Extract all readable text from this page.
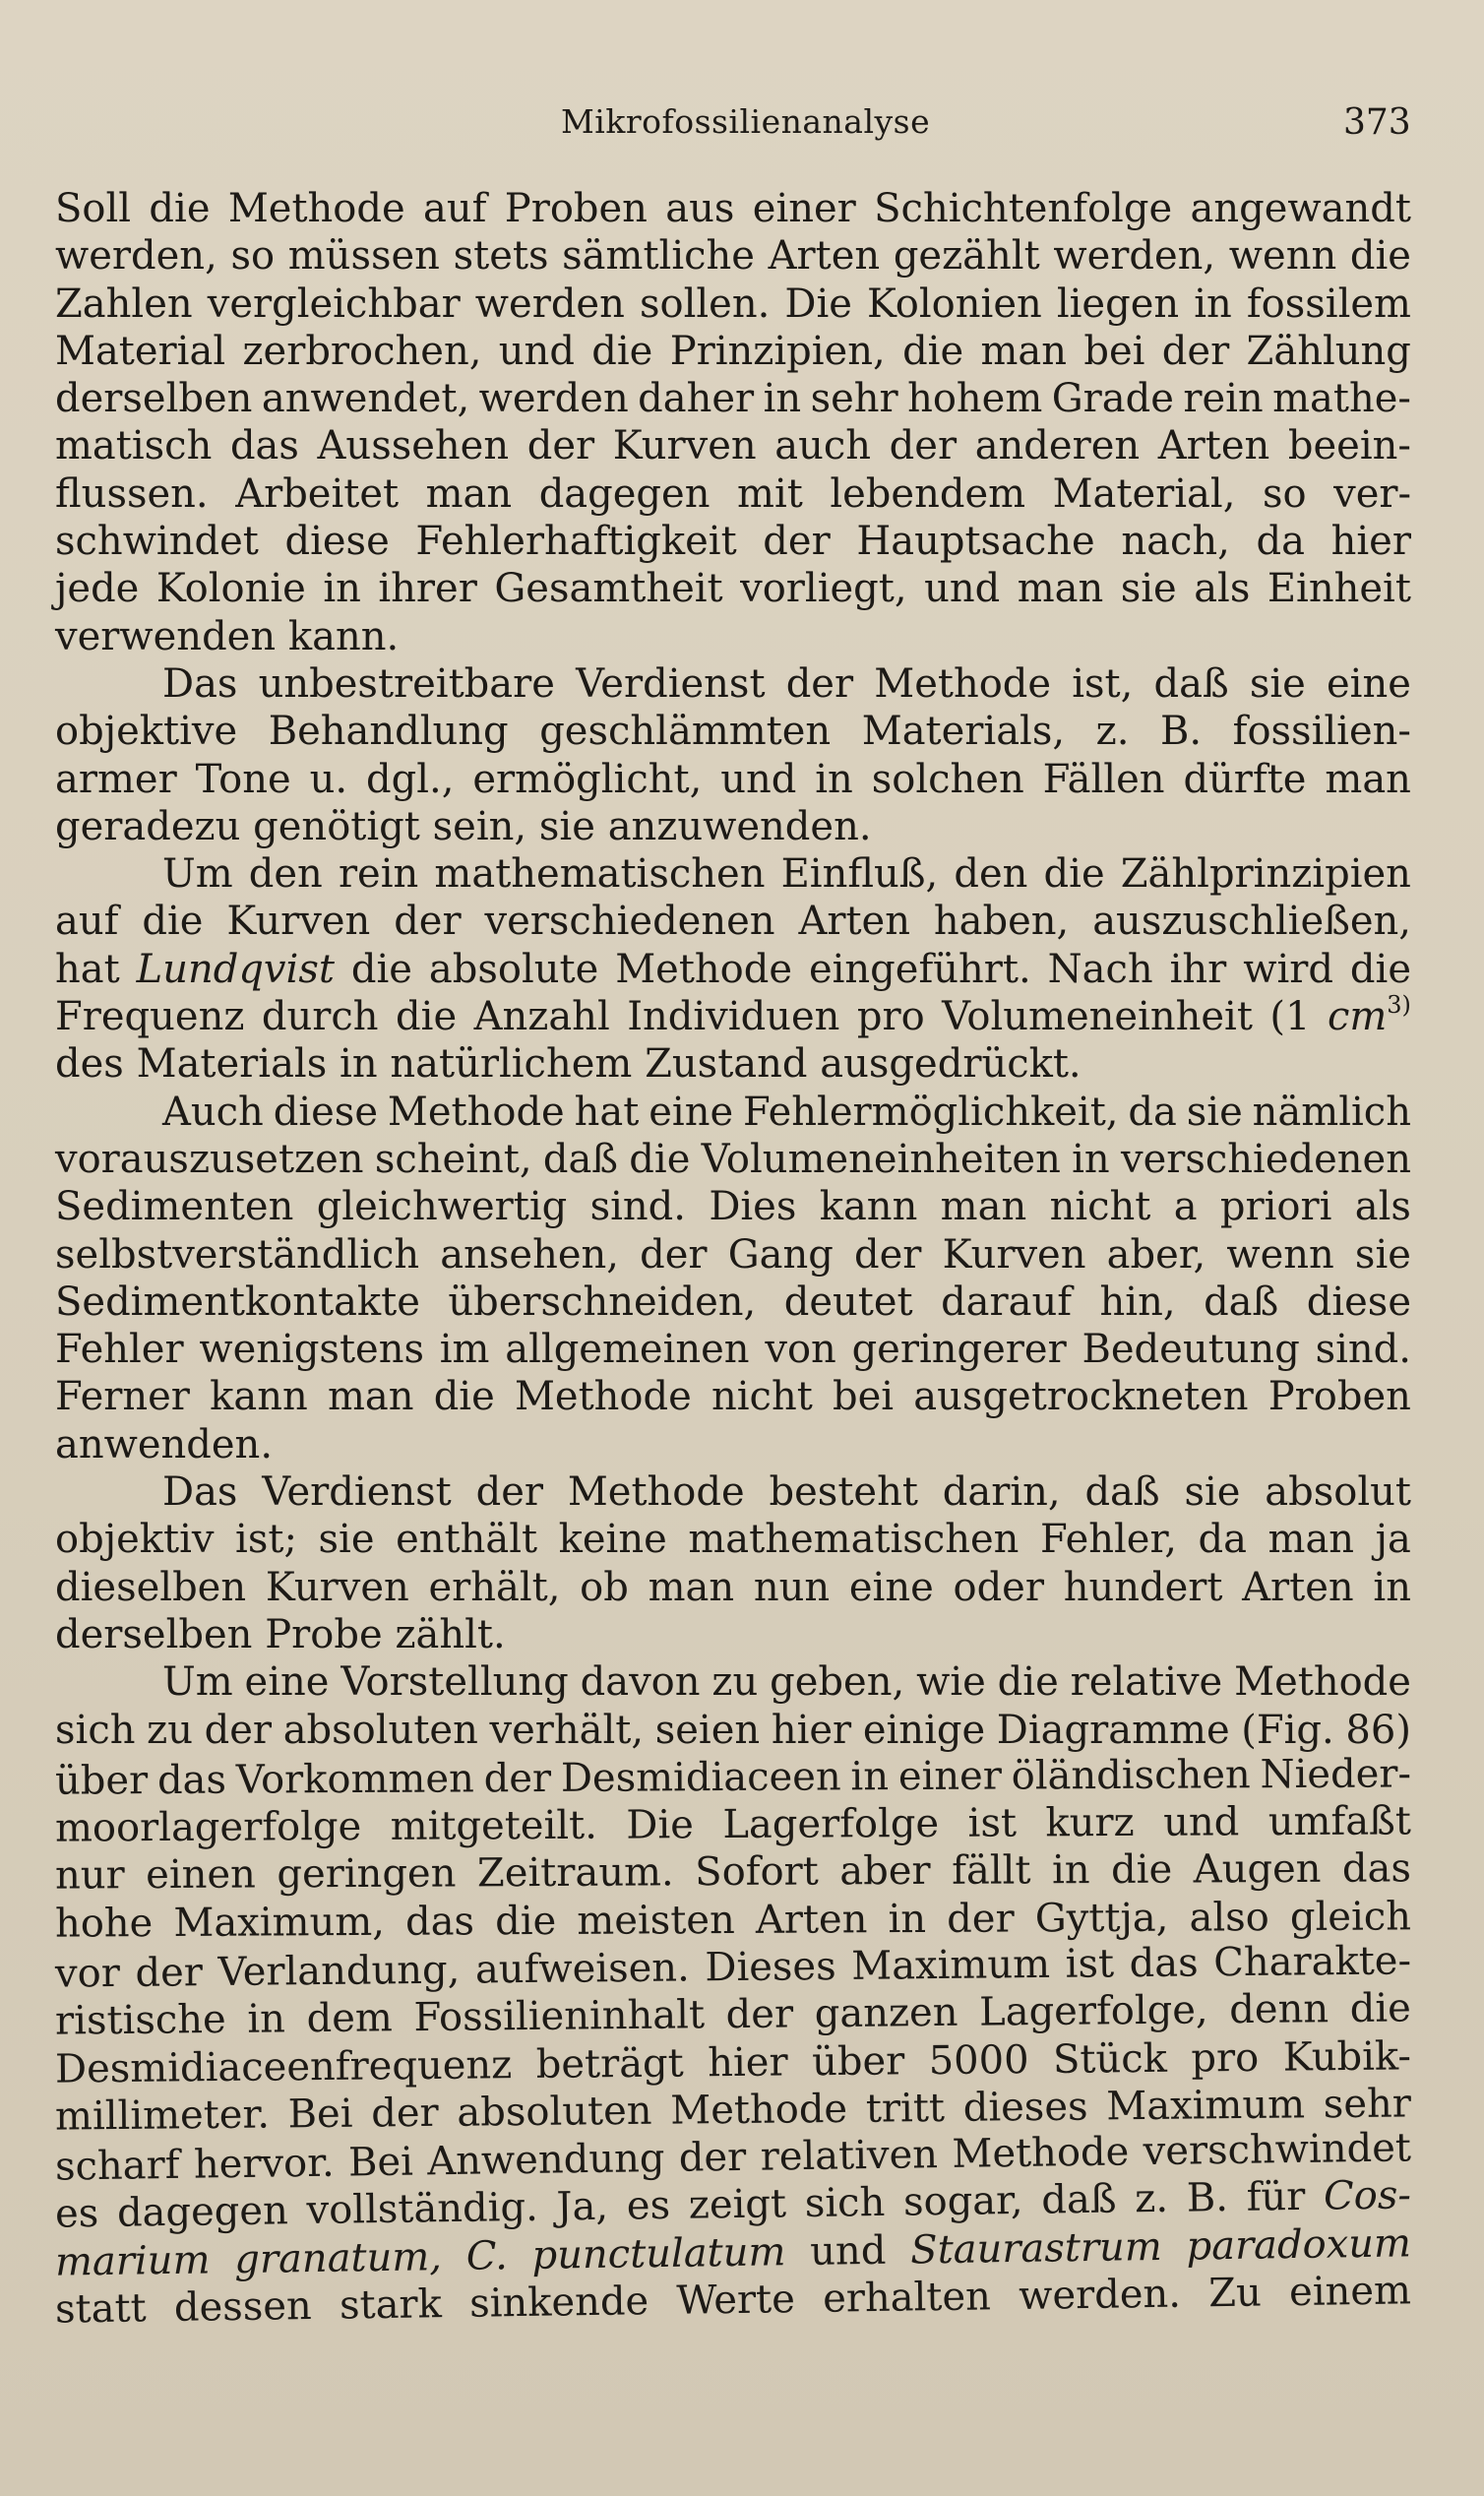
Mikrofossilienanalyse	373
Soll die Methode auf Proben aus einer Schichtenfolge angewandt
werden, so müssen stets sämtliche Arten gezählt werden, wenn die
Zahlen vergleichbar werden sollen. Die Kolonien liegen in fossilem
Material zerbrochen, und die Prinzipien, die man bei der Zählung
derselben anwendet, werden daher in sehr hohem Grade rein mathe-
matisch das Aussehen der Kurven auch der anderen Arten beein-
flussen. Arbeitet man dagegen mit lebendem Material, so ver-
schwindet diese Fehlerhaftigkeit der Hauptsache nach, da hier
jede Kolonie in ihrer Gesamtheit vorliegt, und man sie als Einheit
verwenden kann.
Das unbestreitbare Verdienst der Methode ist, daß sie eine
objektive Behandlung geschlämmten Materials, z. B. fossilien-
armer Tone u. dgl., ermöglicht, und in solchen Fällen dürfte man
geradezu genötigt sein, sie anzuwenden.
Um den rein mathematischen Einfluß, den die Zählprinzipien
auf die Kurven der verschiedenen Arten haben, auszuschließen,
hat Lundqvist die absolute Methode eingeführt. Nach ihr wird die
Frequenz durch die Anzahl Individuen pro Volumeneinheit (1 $cm^{3)}$
des Materials in natürlichem Zustand ausgedrückt.
Auch diese Methode hat eine Fehlermöglichkeit, da sie nämlich
vorauszusetzen scheint, daß die Volumeneinheiten in verschiedenen
Sedimenten gleichwertig sind. Dies kann man nicht a priori als
selbstverständlich ansehen, der Gang der Kurven aber, wenn sie
Sedimentkontakte überschneiden, deutet darauf hin, daß diese
Fehler wenigstens im allgemeinen von geringerer Bedeutung sind.
Ferner kann man die Methode nicht bei ausgetrockneten Proben
anwenden.
Das Verdienst der Methode besteht darin, daß sie absolut
objektiv ist; sie enthält keine mathematischen Fehler, da man ja
dieselben Kurven erhält, ob man nun eine oder hundert Arten in
derselben Probe zählt.
Um eine Vorstellung davon zu geben, wie die relative Methode
sich zu der absoluten verhält, seien hier einige Diagramme (Fig. 86)
über das Vorkommen der Desmidiaceen in einer öländischen Nieder-
moorlagerfolge mitgeteilt. Die Lagerfolge ist kurz und umfaßt
nur einen geringen Zeitraum. Sofort aber fällt in die Augen das
hohe Maximum, das die meisten Arten in der Gyttja, also gleich
vor der Verlandung, aufweisen. Dieses Maximum ist das Charakte-
ristische in dem Fossilieninhalt der ganzen Lagerfolge, denn die
Desmidiaceenfrequenz beträgt hier über 5000 Stück pro Kubik-
millimeter. Bei der absoluten Methode tritt dieses Maximum sehr
scharf hervor. Bei Anwendung der relativen Methode verschwindet
es dagegen vollständig. Ja, es zeigt sich sogar, daß z. B. für Cos-
marium granatum, C. punctulatum und Staurastrum paradoxum
statt dessen stark sinkende Werte erhalten werden. Zu einem
